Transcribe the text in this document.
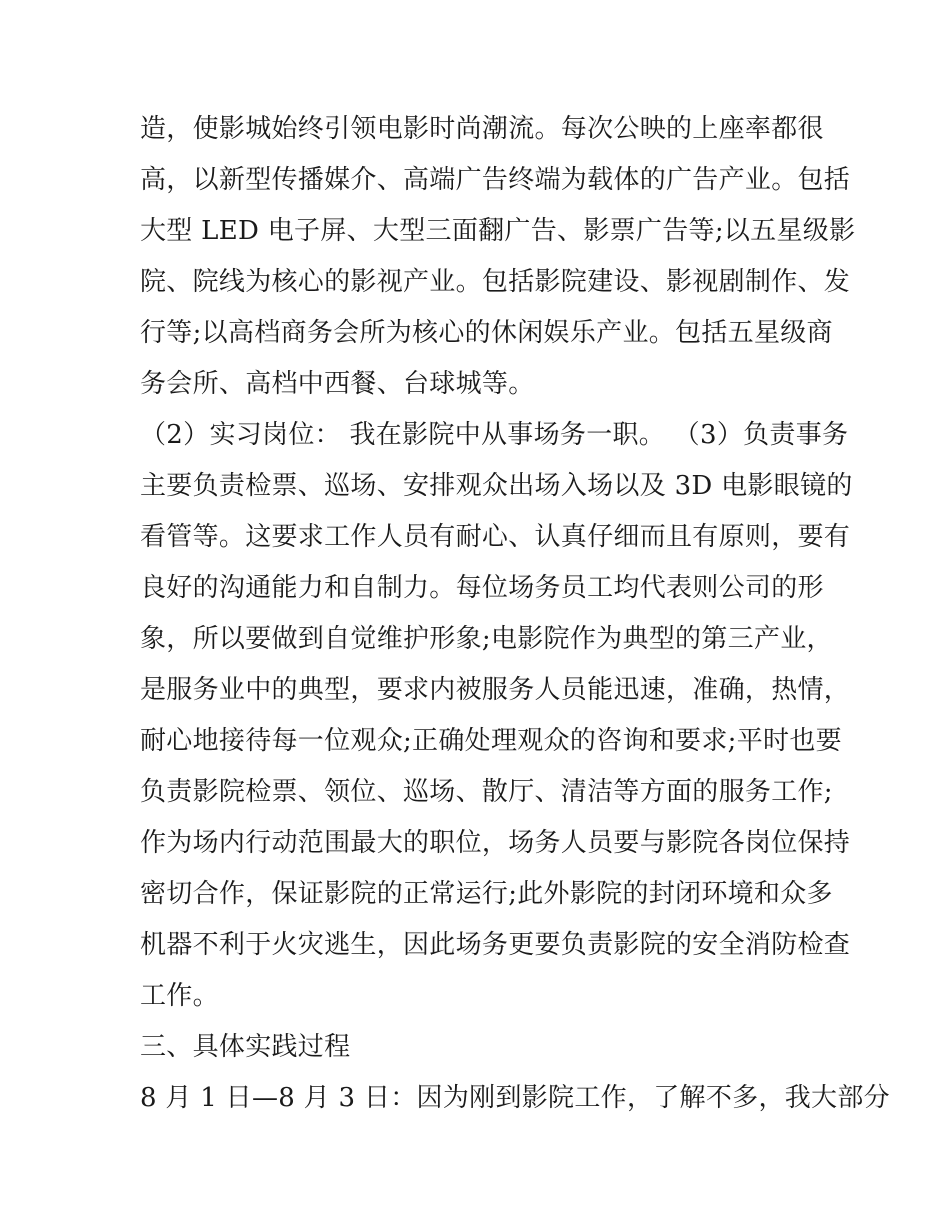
造，使影城始终引领电影时尚潮流。每次公映的上座率都很
高，以新型传播媒介、高端广告终端为载体的广告产业。包括
大型 LED 电子屏、大型三面翻广告、影票广告等;以五星级影
院、院线为核心的影视产业。包括影院建设、影视剧制作、发
行等;以高档商务会所为核心的休闲娱乐产业。包括五星级商
务会所、高档中西餐、台球城等。
（2）实习岗位： 我在影院中从事场务一职。 （3）负责事务
主要负责检票、巡场、安排观众出场入场以及 3D 电影眼镜的
看管等。这要求工作人员有耐心、认真仔细而且有原则，要有
良好的沟通能力和自制力。每位场务员工均代表则公司的形
象，所以要做到自觉维护形象;电影院作为典型的第三产业，
是服务业中的典型，要求内被服务人员能迅速，准确，热情，
耐心地接待每一位观众;正确处理观众的咨询和要求;平时也要
负责影院检票、领位、巡场、散厅、清洁等方面的服务工作;
作为场内行动范围最大的职位，场务人员要与影院各岗位保持
密切合作，保证影院的正常运行;此外影院的封闭环境和众多
机器不利于火灾逃生，因此场务更要负责影院的安全消防检查
工作。
三、具体实践过程
8 月 1 日—8 月 3 日：因为刚到影院工作，了解不多，我大部分
